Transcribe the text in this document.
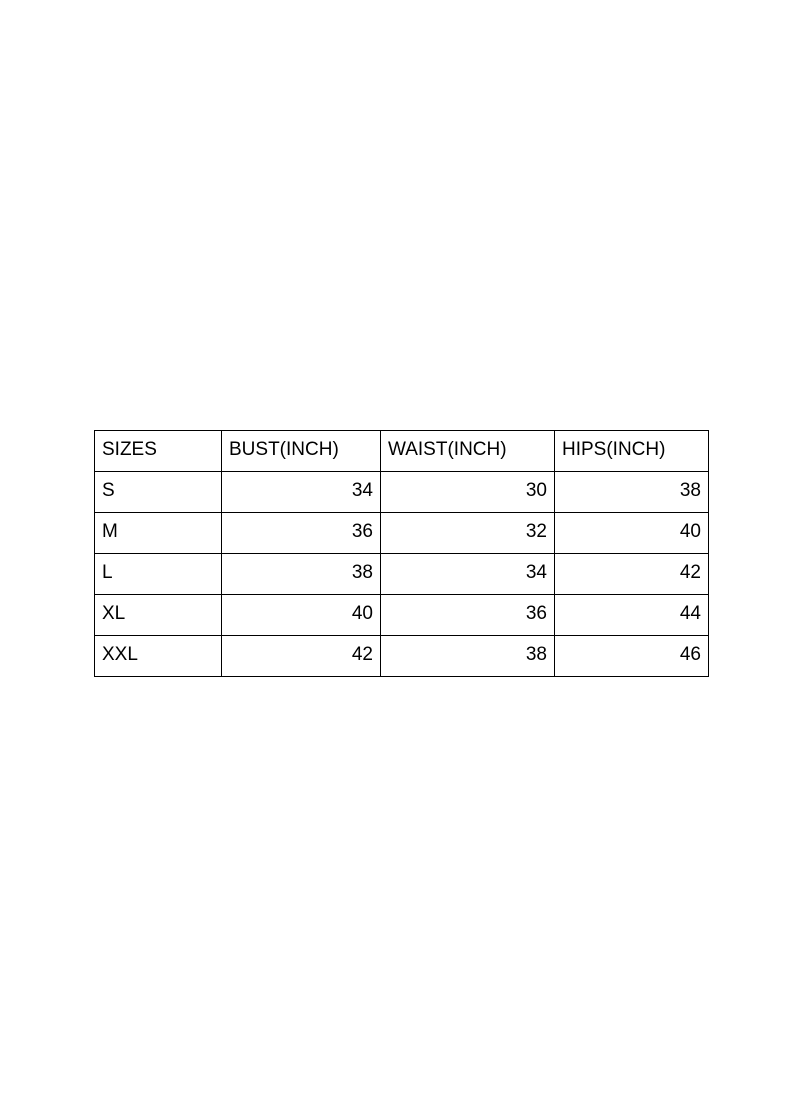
SIZES	BUST(INCH)	WAIST(INCH)	HIPS(INCH)
S	34	30	38
M	36	32	40
L	38	34	42
XL	40	36	44
XXL	42	38	46
